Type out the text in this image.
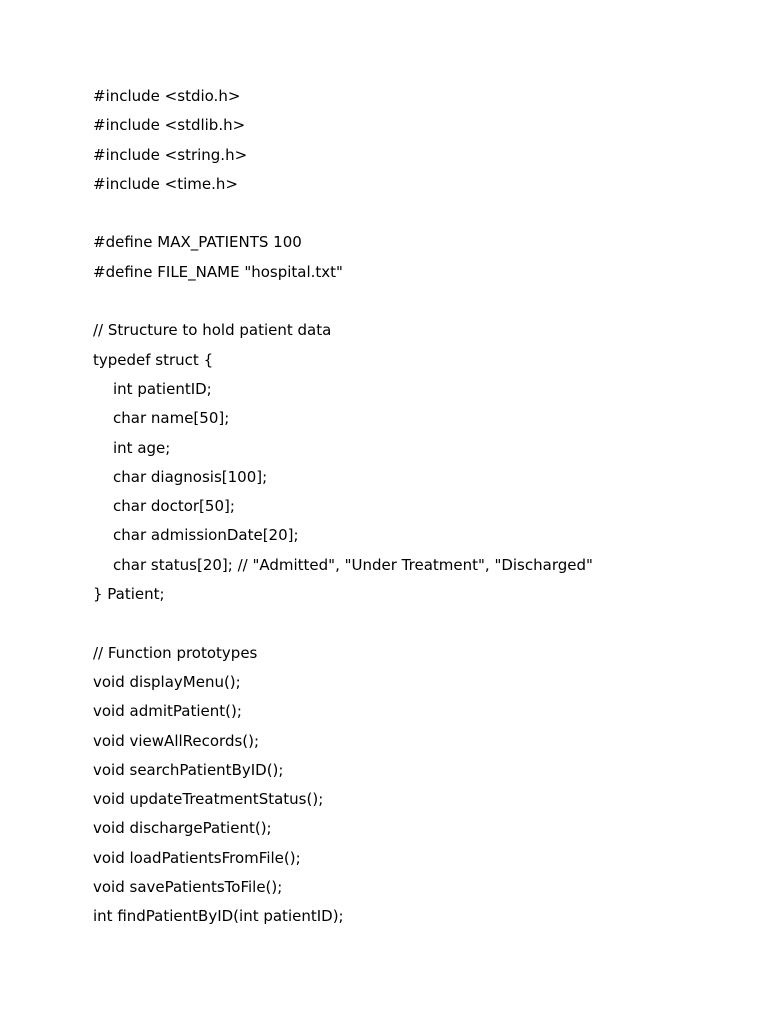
#include <stdio.h>
#include <stdlib.h>
#include <string.h>
#include <time.h>
#define MAX_PATIENTS 100
#define FILE_NAME "hospital.txt"
// Structure to hold patient data
typedef struct {
int patientID;
char name[50];
int age;
char diagnosis[100];
char doctor[50];
char admissionDate[20];
char status[20]; // "Admitted", "Under Treatment", "Discharged"
} Patient;
// Function prototypes
void displayMenu();
void admitPatient();
void viewAllRecords();
void searchPatientByID();
void updateTreatmentStatus();
void dischargePatient();
void loadPatientsFromFile();
void savePatientsToFile();
int findPatientByID(int patientID);
